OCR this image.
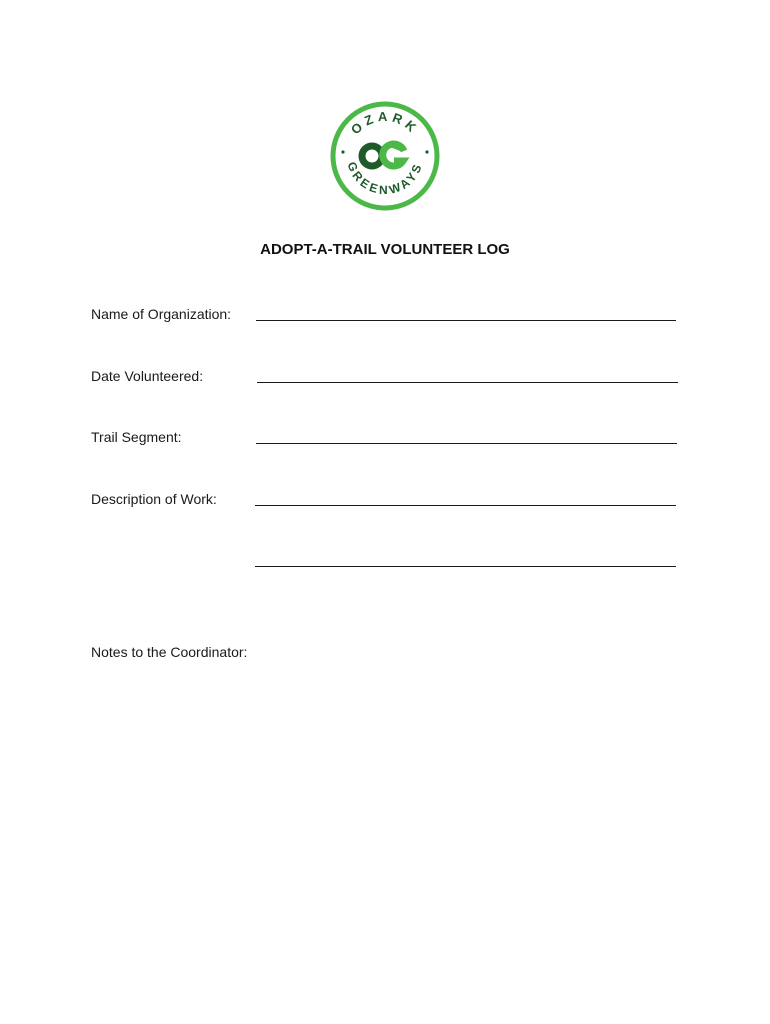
OZARK
GREENWAYS
ADOPT-A-TRAIL VOLUNTEER LOG
Name of Organization:
Date Volunteered:
Trail Segment:
Description of Work:
Notes to the Coordinator:
